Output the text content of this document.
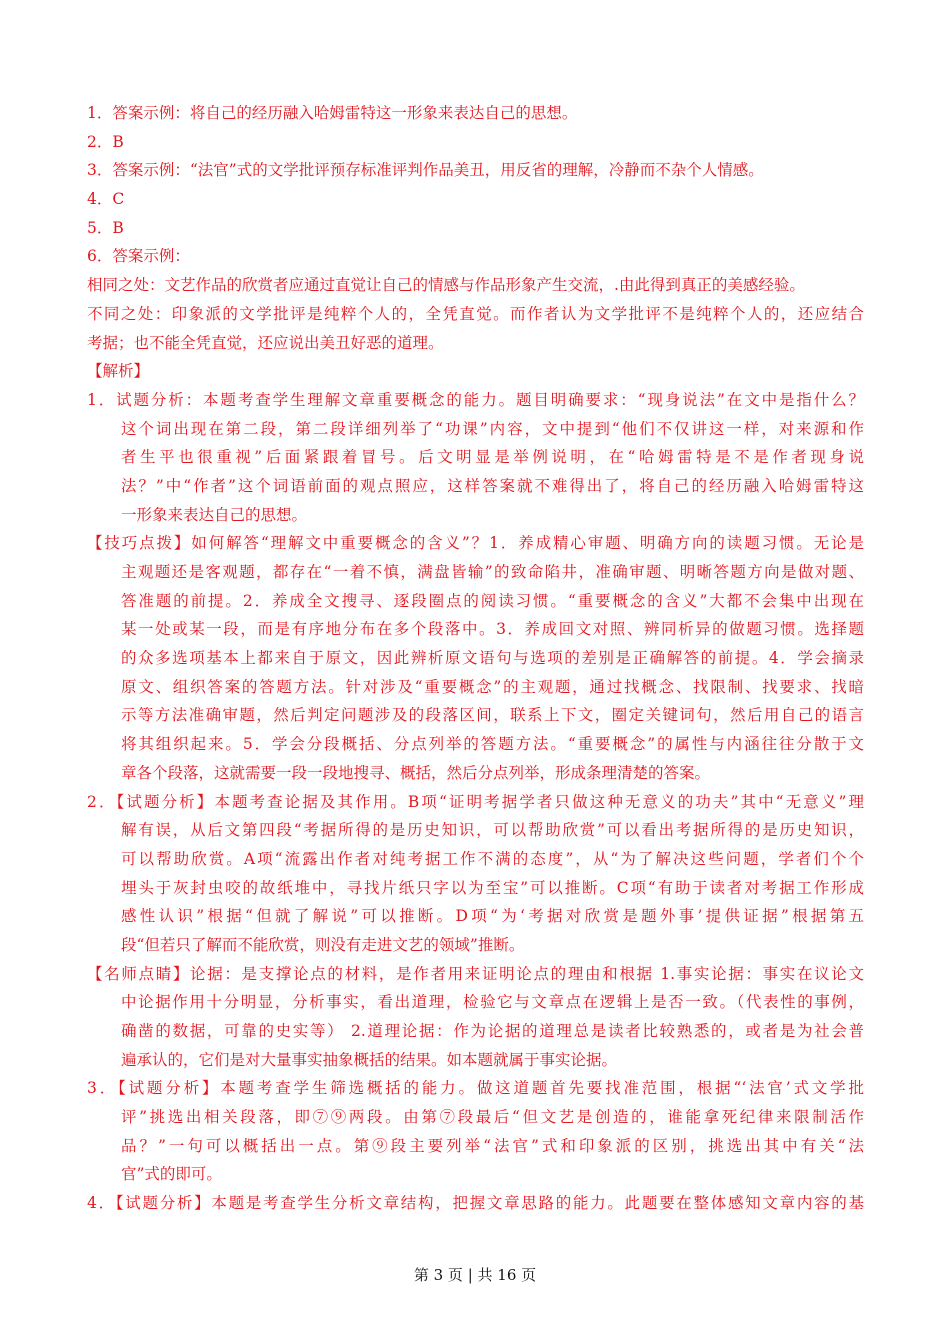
1．答案示例：将自己的经历融入哈姆雷特这一形象来表达自己的思想。
2．B
3．答案示例：“法官”式的文学批评预存标准评判作品美丑，用反省的理解，冷静而不杂个人情感。
4．C
5．B
6．答案示例：
相同之处：文艺作品的欣赏者应通过直觉让自己的情感与作品形象产生交流，.由此得到真正的美感经验。
不同之处：印象派的文学批评是纯粹个人的，全凭直觉。而作者认为文学批评不是纯粹个人的，还应结合
考据；也不能全凭直觉，还应说出美丑好恶的道理。
【解析】
1．试题分析：本题考查学生理解文章重要概念的能力。题目明确要求：“现身说法”在文中是指什么？
这个词出现在第二段，第二段详细列举了“功课”内容，文中提到“他们不仅讲这一样，对来源和作
者生平也很重视”后面紧跟着冒号。后文明显是举例说明，在“哈姆雷特是不是作者现身说
法？”中“作者”这个词语前面的观点照应，这样答案就不难得出了，将自己的经历融入哈姆雷特这
一形象来表达自己的思想。
【技巧点拨】如何解答“理解文中重要概念的含义”？1．养成精心审题、明确方向的读题习惯。无论是
主观题还是客观题，都存在“一着不慎，满盘皆输”的致命陷井，准确审题、明晰答题方向是做对题、
答准题的前提。2．养成全文搜寻、逐段圈点的阅读习惯。“重要概念的含义”大都不会集中出现在
某一处或某一段，而是有序地分布在多个段落中。3．养成回文对照、辨同析异的做题习惯。选择题
的众多选项基本上都来自于原文，因此辨析原文语句与选项的差别是正确解答的前提。4．学会摘录
原文、组织答案的答题方法。针对涉及“重要概念”的主观题，通过找概念、找限制、找要求、找暗
示等方法准确审题，然后判定问题涉及的段落区间，联系上下文，圈定关键词句，然后用自己的语言
将其组织起来。5．学会分段概括、分点列举的答题方法。“重要概念”的属性与内涵往往分散于文
章各个段落，这就需要一段一段地搜寻、概括，然后分点列举，形成条理清楚的答案。
2．【试题分析】本题考查论据及其作用。B项“证明考据学者只做这种无意义的功夫”其中“无意义”理
解有误，从后文第四段“考据所得的是历史知识，可以帮助欣赏”可以看出考据所得的是历史知识，
可以帮助欣赏。A项“流露出作者对纯考据工作不满的态度”，从“为了解决这些问题，学者们个个
埋头于灰封虫咬的故纸堆中，寻找片纸只字以为至宝”可以推断。C项“有助于读者对考据工作形成
感性认识”根据“但就了解说”可以推断。D项“为‘考据对欣赏是题外事’提供证据”根据第五
段“但若只了解而不能欣赏，则没有走进文艺的领域”推断。
【名师点睛】论据：是支撑论点的材料，是作者用来证明论点的理由和根据 1.事实论据：事实在议论文
中论据作用十分明显，分析事实，看出道理，检验它与文章点在逻辑上是否一致。（代表性的事例，
确凿的数据，可靠的史实等） 2.道理论据：作为论据的道理总是读者比较熟悉的，或者是为社会普
遍承认的，它们是对大量事实抽象概括的结果。如本题就属于事实论据。
3．【试题分析】本题考查学生筛选概括的能力。做这道题首先要找准范围，根据“‘法官’式文学批
评”挑选出相关段落，即⑦⑨两段。由第⑦段最后“但文艺是创造的，谁能拿死纪律来限制活作
品？”一句可以概括出一点。第⑨段主要列举“法官”式和印象派的区别，挑选出其中有关“法
官”式的即可。
4．【试题分析】本题是考查学生分析文章结构，把握文章思路的能力。此题要在整体感知文章内容的基
第 3 页 | 共 16 页
